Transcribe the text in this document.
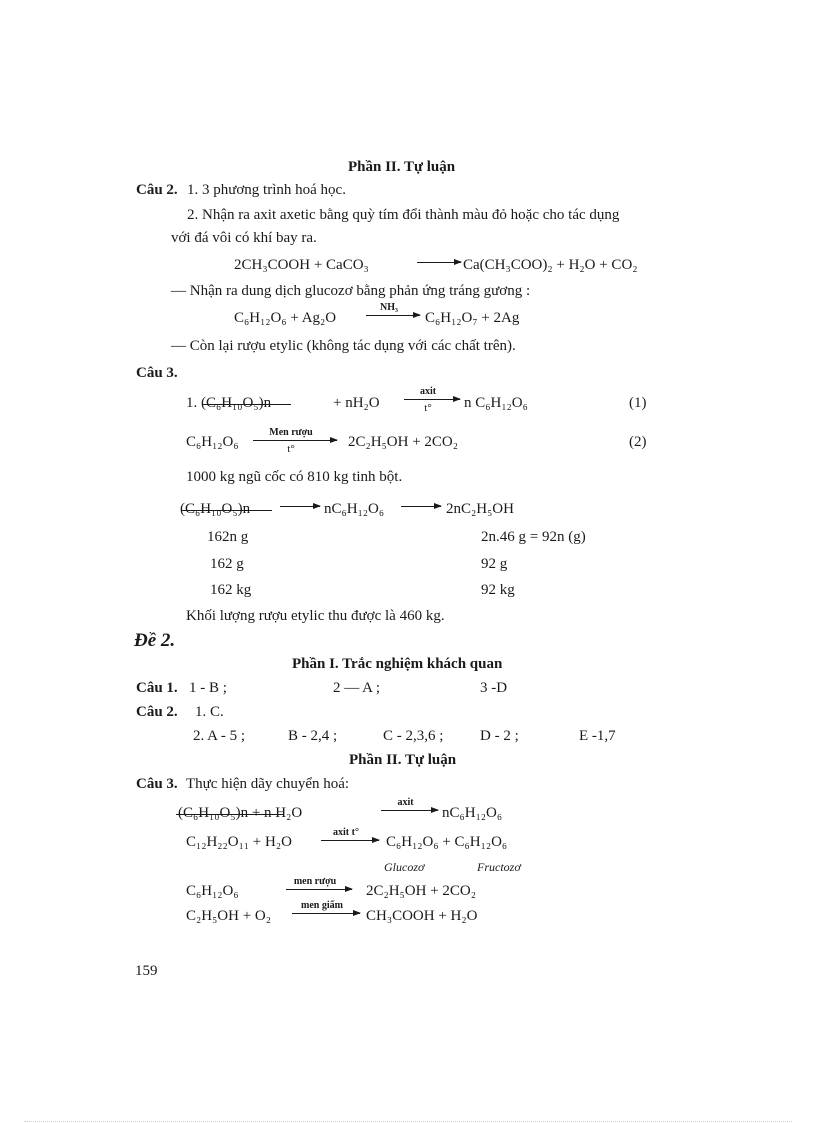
Phần II. Tự luận
Câu 2. 1. 3 phương trình hoá học.
2. Nhận ra axit axetic bằng quỳ tím đổi thành màu đỏ hoặc cho tác dụng
với đá vôi có khí bay ra.
2CH₃COOH + CaCO₃	Ca(CH₃COO)₂ + H₂O + CO₂
— Nhận ra dung dịch glucozơ bằng phản ứng tráng gương :
C₆H₁₂O₆ + Ag₂O
NH₃
C₆H₁₂O₇ + 2Ag
— Còn lại rượu etylic (không tác dụng với các chất trên).
Câu 3.
1. (C₆H₁₀O₅)n	+ nH₂O
axit
t°	n C₆H₁₂O₆	(1)
C₆H₁₂O₆
Men rượu
t°	2C₂H₅OH + 2CO₂	(2)
1000 kg ngũ cốc có 810 kg tinh bột.
(C₆H₁₀O₅)n	nC₆H₁₂O₆	2nC₂H₅OH
162n g	2n.46 g = 92n (g)
162 g	92 g
162 kg	92 kg
Khối lượng rượu etylic thu được là 460 kg.
Đề 2.
Phần I. Trắc nghiệm khách quan
Câu 1. 1 - B ;	2 — A ;	3 -D
Câu 2. 1. C.
2. A - 5 ;	B - 2,4 ;	C - 2,3,6 ; D - 2 ;	E -1,7
Phần II. Tự luận
Câu 3. Thực hiện dãy chuyển hoá:
(C₆H₁₀O₅)n + n H₂O
axit
nC₆H₁₂O₆
C₁₂H₂₂O₁₁ + H₂O
axit t°
C₆H₁₂O₆ + C₆H₁₂O₆
Glucozơ	Fructozơ
C₆H₁₂O₆
men rượu
2C₂H₅OH + 2CO₂
C₂H₅OH + O₂
men giấm
CH₃COOH + H₂O
159
